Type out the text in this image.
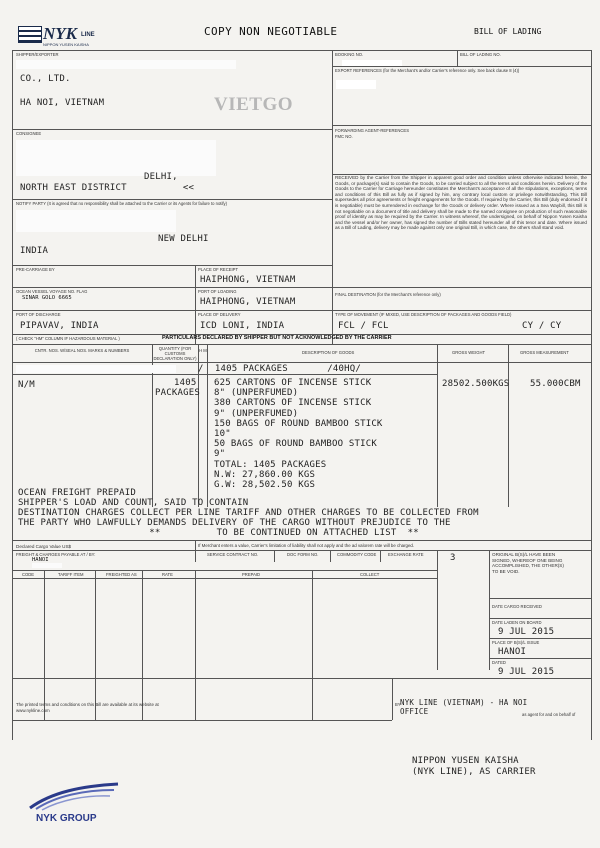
NYK LINE
NIPPON YUSEN KAISHA
COPY NON NEGOTIABLE	BILL OF LADING
SHIPPER/EXPORTER
CO., LTD.
HA NOI, VIETNAM	VIETGO
BOOKING NO.	BILL OF LADING NO.
EXPORT REFERENCES (for the Merchant's and/or Carrier's reference only. See back clause 8 (4))
CONSIGNEE
DELHI,
NORTH EAST DISTRICT          <<
FORWARDING AGENT-REFERENCES
FMC NO.
RECEIVED by the Carrier from the Shipper in apparent good order and condition unless otherwise indicated herein, the Goods, or package(s) said to contain the Goods, to be carried subject to all the terms and conditions herein. Delivery of the Goods to the Carrier for Carriage hereunder constitutes the Merchant's acceptance of all the stipulations, exceptions, terms and conditions of this Bill as fully as if signed by him, any contrary local custom or privilege notwithstanding. This Bill supersedes all prior agreements or freight engagements for the Goods. If required by the Carrier, this Bill (duly endorsed if it is negotiable) must be surrendered in exchange for the Goods or delivery order. Where issued as a Sea Waybill, this Bill is not negotiable on a document of title and delivery shall be made to the named consignee on production of such reasonable proof of identity as may be required by the Carrier. In witness whereof, the undersigned, on behalf of Nippon Yusen Kaisha and the vessel and/or her owner, has signed the number of Bills stated hereunder all of this tenor and date. Where issued as a Bill of Lading, delivery may be made against only one original Bill, in which case, the others shall stand void.
NOTIFY PARTY (It is agreed that no responsibility shall be attached to the Carrier or its Agents for failure to notify)
NEW DELHI
INDIA
PRE-CARRIAGE BY	PLACE OF RECEIPT
HAIPHONG, VIETNAM
OCEAN VESSEL VOYAGE NO. FLAG
SINAR GOLO 6665
PORT OF LOADING
HAIPHONG, VIETNAM
FINAL DESTINATION (for the Merchant's reference only)
PORT OF DISCHARGE
PIPAVAV, INDIA
PLACE OF DELIVERY
ICD LONI, INDIA
TYPE OF MOVEMENT (IF MIXED, USE DESCRIPTION OF PACKAGES AND GOODS FIELD)
FCL / FCL	CY / CY
( CHECK "HM" COLUMN IF HAZARDOUS MATERIAL )	PARTICULARS DECLARED BY SHIPPER BUT NOT ACKNOWLEDGED BY THE CARRIER
CNTR. NOS. W/SEAL NOS. MARKS & NUMBERS	QUANTITY (FOR CUSTOMS DECLARATION ONLY)
H M	DESCRIPTION OF GOODS	GROSS WEIGHT	GROSS MEASUREMENT
/  1405 PACKAGES       /40HQ/
N/M	1405
PACKAGES
625 CARTONS OF INCENSE STICK
8" (UNPERFUMED)
380 CARTONS OF INCENSE STICK
9" (UNPERFUMED)
150 BAGS OF ROUND BAMBOO STICK
10"
50 BAGS OF ROUND BAMBOO STICK
9"
TOTAL: 1405 PACKAGES
N.W: 27,860.00 KGS
G.W: 28,502.50 KGS
28502.500KGS 55.000CBM
OCEAN FREIGHT PREPAID
SHIPPER'S LOAD AND COUNT, SAID TO CONTAIN
DESTINATION CHARGES COLLECT PER LINE TARIFF AND OTHER CHARGES TO BE COLLECTED FROM
THE PARTY WHO LAWFULLY DEMANDS DELIVERY OF THE CARGO WITHOUT PREJUDICE TO THE
**          TO BE CONTINUED ON ATTACHED LIST  **
Declared Cargo Value US$	If Merchant enters a value, Carrier's limitation of liability shall not apply and the ad valorem rate will be charged.
FREIGHT & CHARGES PAYABLE AT / BY:
HANOI
SERVICE CONTRACT NO.	DOC FORM NO.	COMMODITY CODE	EXCHANGE RATE
CODE	TARIFF ITEM	FREIGHTED AS	RATE	PREPAID	COLLECT
3	ORIGINAL B(S)/L HAVE BEEN SIGNED, WHEREOF ONE BEING ACCOMPLISHED, THE OTHER(S) TO BE VOID.
DATE CARGO RECEIVED
DATE LADEN ON BOARD
9 JUL 2015
PLACE OF B(S)/L ISSUE
HANOI
DATED
9 JUL 2015
The printed terms and conditions on this Bill are available at its website at www.nykline.com
BY NYK LINE (VIETNAM) - HA NOI
OFFICE	as agent for and on behalf of
NIPPON YUSEN KAISHA
(NYK LINE), AS CARRIER
NYK GROUP
